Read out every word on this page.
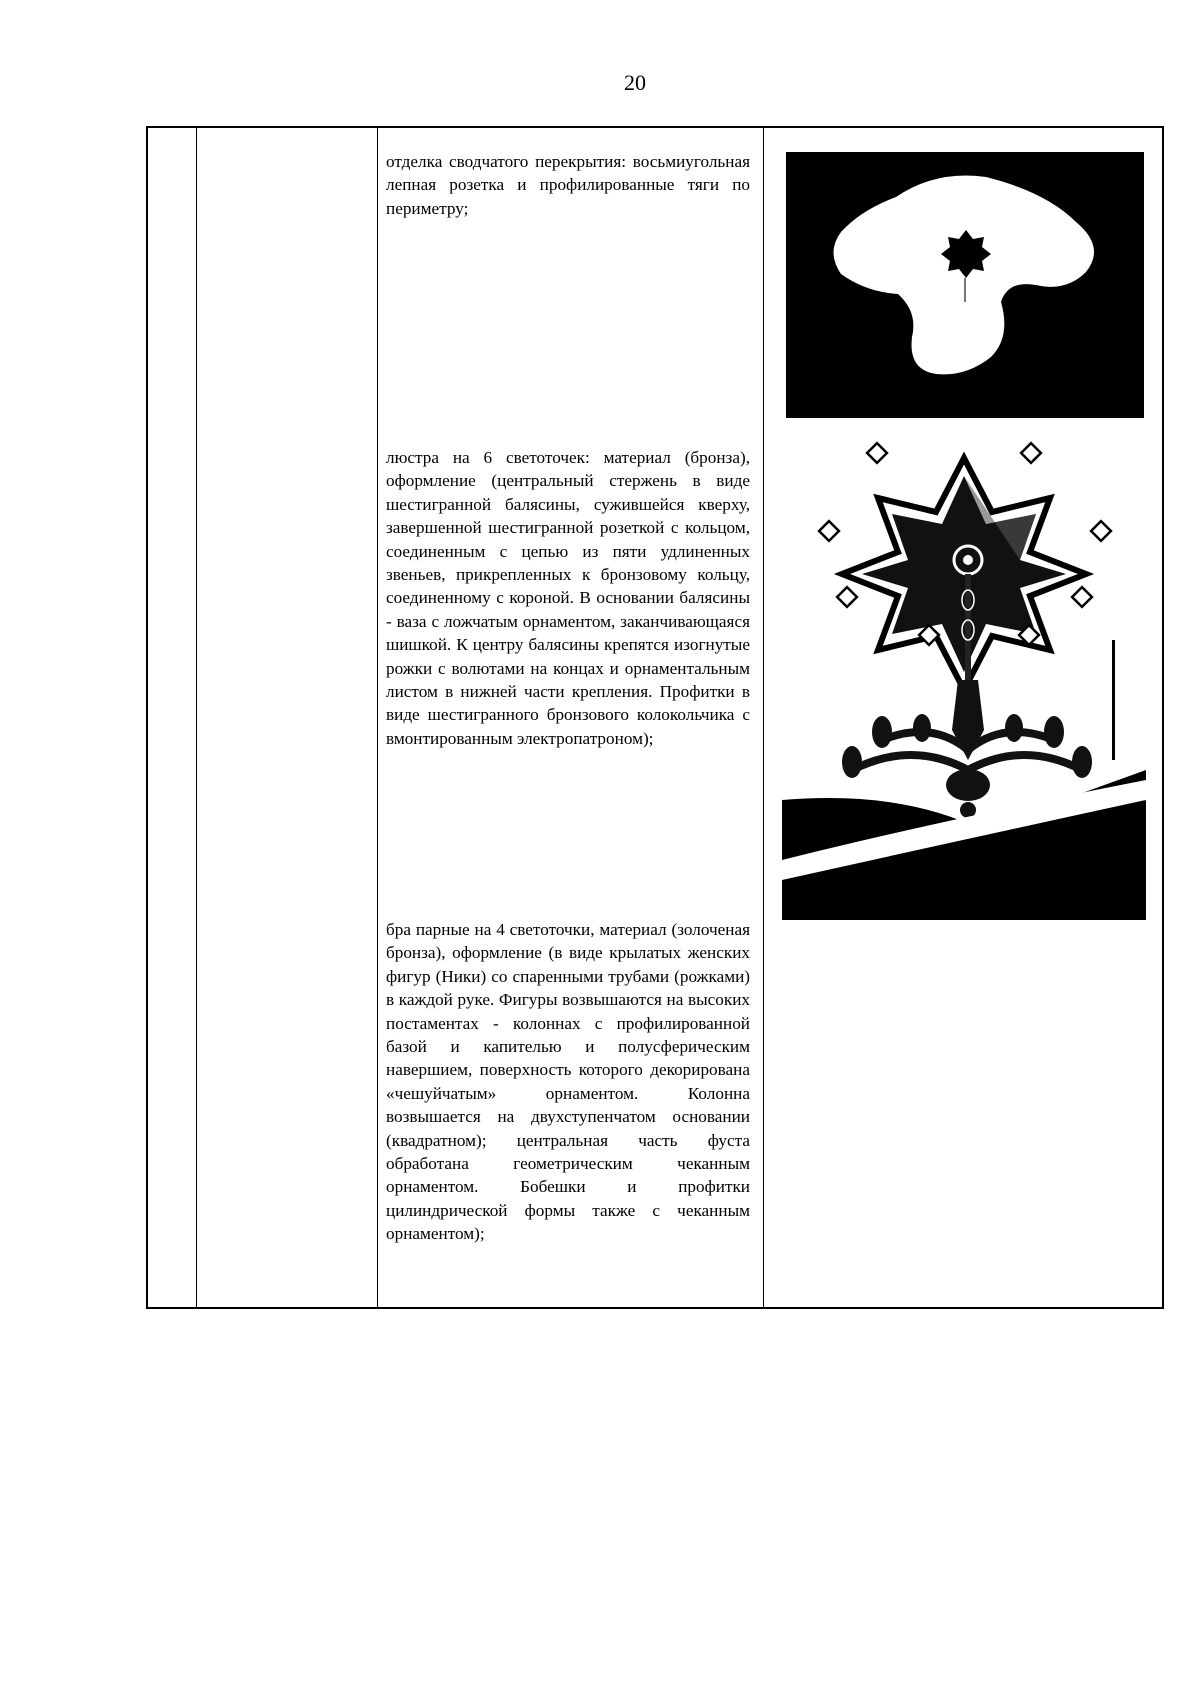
20

отделка сводчатого перекрытия: восьмиугольная лепная розетка и профилированные тяги по периметру;

люстра на 6 светоточек: материал (бронза), оформление (центральный стержень в виде шестигранной балясины, сужившейся кверху, завершенной шестигранной розеткой с кольцом, соединенным с цепью из пяти удлиненных звеньев, прикрепленных к бронзовому кольцу, соединенному с короной. В основании балясины - ваза с ложчатым орнаментом, заканчивающаяся шишкой. К центру балясины крепятся изогнутые рожки с волютами на концах и орнаментальным листом в нижней части крепления. Профитки в виде шестигранного бронзового колокольчика с вмонтированным электропатроном);

бра парные на 4 светоточки, материал (золоченая бронза), оформление (в виде крылатых женских фигур (Ники) со спаренными трубами (рожками) в каждой руке. Фигуры возвышаются на высоких постаментах - колоннах с профилированной базой и капителью и полусферическим навершием, поверхность которого декорирована «чешуйчатым» орнаментом. Колонна возвышается на двухступенчатом основании (квадратном); центральная часть фуста обработана геометрическим чеканным орнаментом. Бобешки и профитки цилиндрической формы также с чеканным орнаментом);
